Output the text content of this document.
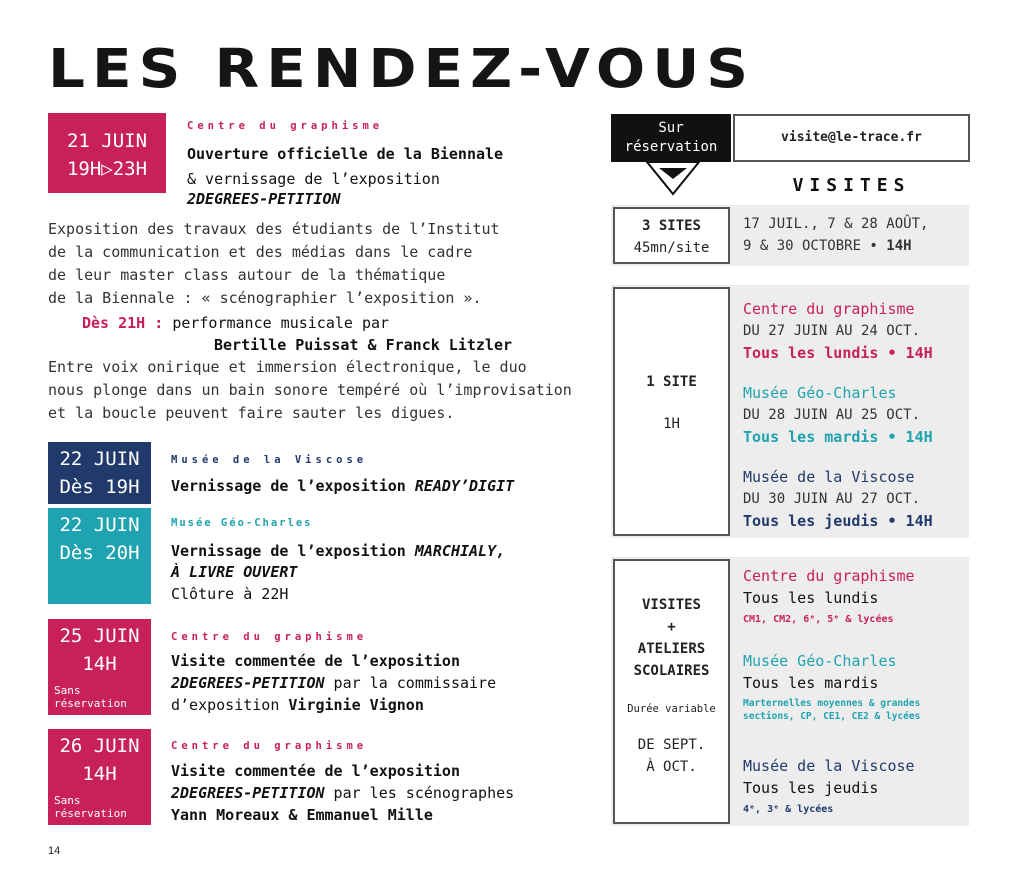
LES RENDEZ-VOUS
21 JUIN
19H▷23H
Centre du graphisme
Ouverture officielle de la Biennale
& vernissage de l’exposition
2DEGREES-PETITION
Exposition des travaux des étudiants de l’Institut
de la communication et des médias dans le cadre
de leur master class autour de la thématique
de la Biennale : « scénographier l’exposition ».
Dès 21H : performance musicale par
Bertille Puissat & Franck Litzler
Entre voix onirique et immersion électronique, le duo
nous plonge dans un bain sonore tempéré où l’improvisation
et la boucle peuvent faire sauter les digues.
22 JUIN
Dès 19H
Musée de la Viscose
Vernissage de l’exposition READY’DIGIT
22 JUIN
Dès 20H
Musée Géo-Charles
Vernissage de l’exposition MARCHIALY,
À LIVRE OUVERT
Clôture à 22H
25 JUIN
14H
Sans
réservation
Centre du graphisme
Visite commentée de l’exposition
2DEGREES-PETITION par la commissaire
d’exposition Virginie Vignon
26 JUIN
14H
Sans
réservation
Centre du graphisme
Visite commentée de l’exposition
2DEGREES-PETITION par les scénographes
Yann Moreaux & Emmanuel Mille
Sur
réservation
visite@le-trace.fr
VISITES
3 SITES
45mn/site
17 JUIL., 7 & 28 AOÛT,
9 & 30 OCTOBRE • 14H
1 SITE
1H
Centre du graphisme
DU 27 JUIN AU 24 OCT.
Tous les lundis • 14H
Musée Géo-Charles
DU 28 JUIN AU 25 OCT.
Tous les mardis • 14H
Musée de la Viscose
DU 30 JUIN AU 27 OCT.
Tous les jeudis • 14H
VISITES
+
ATELIERS
SCOLAIRES
Durée variable
DE SEPT.
À OCT.
Centre du graphisme
Tous les lundis
CM1, CM2, 6ᵉ, 5ᵉ & lycées
Musée Géo-Charles
Tous les mardis
Marternelles moyennes & grandes
sections, CP, CE1, CE2 & lycées
Musée de la Viscose
Tous les jeudis
4ᵉ, 3ᵉ & lycées
14
